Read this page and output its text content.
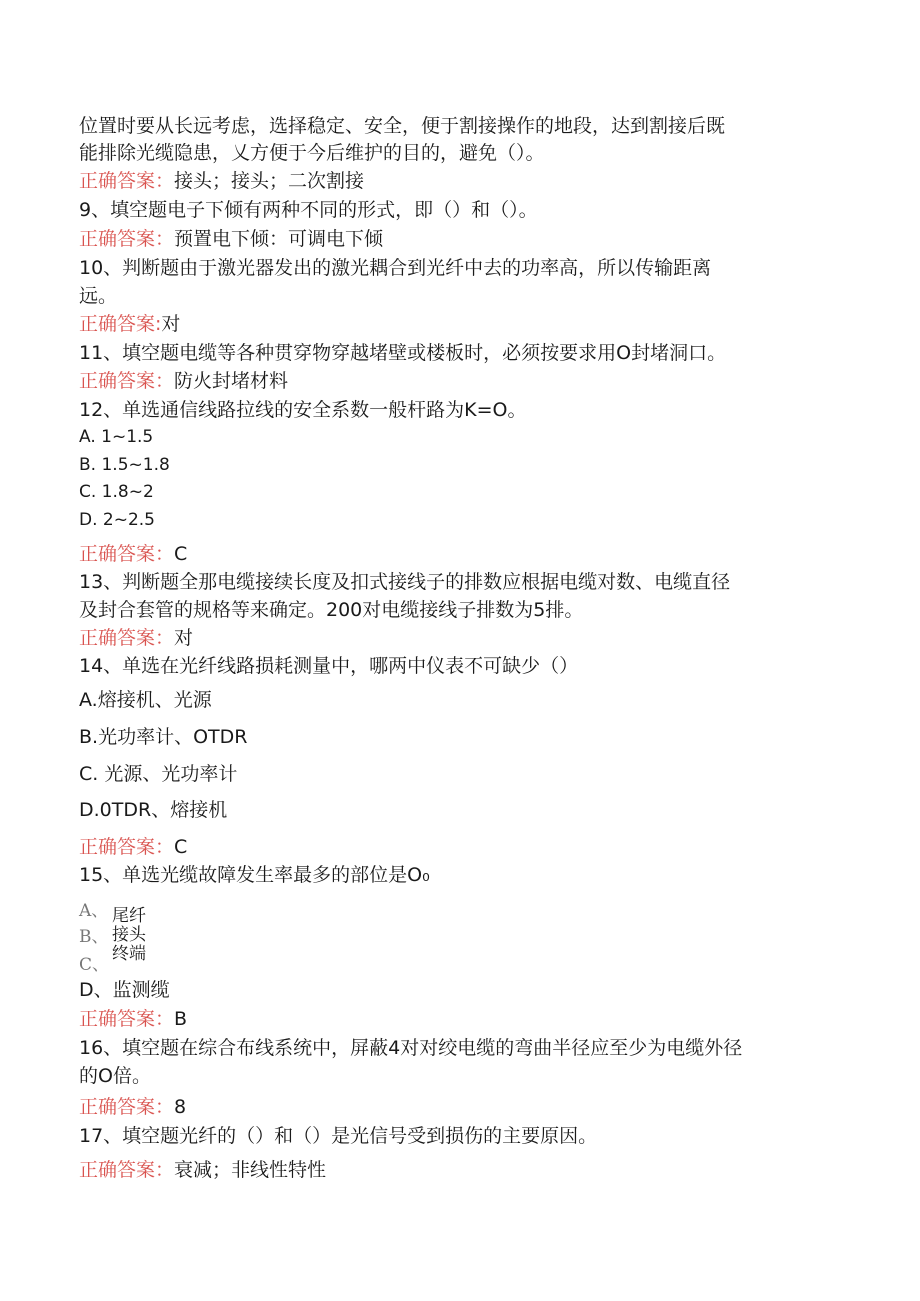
位置时要从长远考虑，选择稳定、安全，便于割接操作的地段，达到割接后既
能排除光缆隐患，乂方便于今后维护的目的，避免（）。
正确答案：接头；接头；二次割接
9、填空题电子下倾有两种不同的形式，即（）和（）。
正确答案：预置电下倾：可调电下倾
10、判断题由于激光器发出的激光耦合到光纤中去的功率高，所以传输距离
远。
正确答案:对
11、填空题电缆等各种贯穿物穿越堵壁或楼板时，必须按要求用O封堵洞口。
正确答案：防火封堵材料
12、单选通信线路拉线的安全系数一般杆路为K=O。
A. 1~1.5
B. 1.5~1.8
C. 1.8~2
D. 2~2.5
正确答案：C
13、判断题全那电缆接续长度及扣式接线子的排数应根据电缆对数、电缆直径
及封合套管的规格等来确定。200对电缆接线子排数为5排。
正确答案：对
14、单选在光纤线路损耗测量中，哪两中仪表不可缺少（）
A.熔接机、光源
B.光功率计、OTDR
C. 光源、光功率计
D.0TDR、熔接机
正确答案：C
15、单选光缆故障发生率最多的部位是O₀
A、 尾纤
B、 接头
C、
终端
D、监测缆
正确答案：B
16、填空题在综合布线系统中，屏蔽4对对绞电缆的弯曲半径应至少为电缆外径
的O倍。
正确答案：8
17、填空题光纤的（）和（）是光信号受到损伤的主要原因。
正确答案：衰减；非线性特性
